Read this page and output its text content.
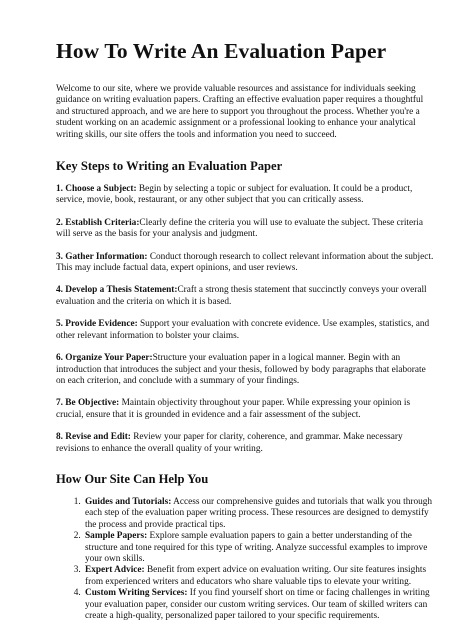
How To Write An Evaluation Paper

Welcome to our site, where we provide valuable resources and assistance for individuals seeking guidance on writing evaluation papers. Crafting an effective evaluation paper requires a thoughtful and structured approach, and we are here to support you throughout the process. Whether you're a student working on an academic assignment or a professional looking to enhance your analytical writing skills, our site offers the tools and information you need to succeed.

Key Steps to Writing an Evaluation Paper

1. Choose a Subject: Begin by selecting a topic or subject for evaluation. It could be a product, service, movie, book, restaurant, or any other subject that you can critically assess.

2. Establish Criteria:Clearly define the criteria you will use to evaluate the subject. These criteria will serve as the basis for your analysis and judgment.

3. Gather Information: Conduct thorough research to collect relevant information about the subject. This may include factual data, expert opinions, and user reviews.

4. Develop a Thesis Statement:Craft a strong thesis statement that succinctly conveys your overall evaluation and the criteria on which it is based.

5. Provide Evidence: Support your evaluation with concrete evidence. Use examples, statistics, and other relevant information to bolster your claims.

6. Organize Your Paper:Structure your evaluation paper in a logical manner. Begin with an introduction that introduces the subject and your thesis, followed by body paragraphs that elaborate on each criterion, and conclude with a summary of your findings.

7. Be Objective: Maintain objectivity throughout your paper. While expressing your opinion is crucial, ensure that it is grounded in evidence and a fair assessment of the subject.

8. Revise and Edit: Review your paper for clarity, coherence, and grammar. Make necessary revisions to enhance the overall quality of your writing.

How Our Site Can Help You
1. Guides and Tutorials: Access our comprehensive guides and tutorials that walk you through each step of the evaluation paper writing process. These resources are designed to demystify the process and provide practical tips.
2. Sample Papers: Explore sample evaluation papers to gain a better understanding of the structure and tone required for this type of writing. Analyze successful examples to improve your own skills.
3. Expert Advice: Benefit from expert advice on evaluation writing. Our site features insights from experienced writers and educators who share valuable tips to elevate your writing.
4. Custom Writing Services: If you find yourself short on time or facing challenges in writing your evaluation paper, consider our custom writing services. Our team of skilled writers can create a high-quality, personalized paper tailored to your specific requirements.
